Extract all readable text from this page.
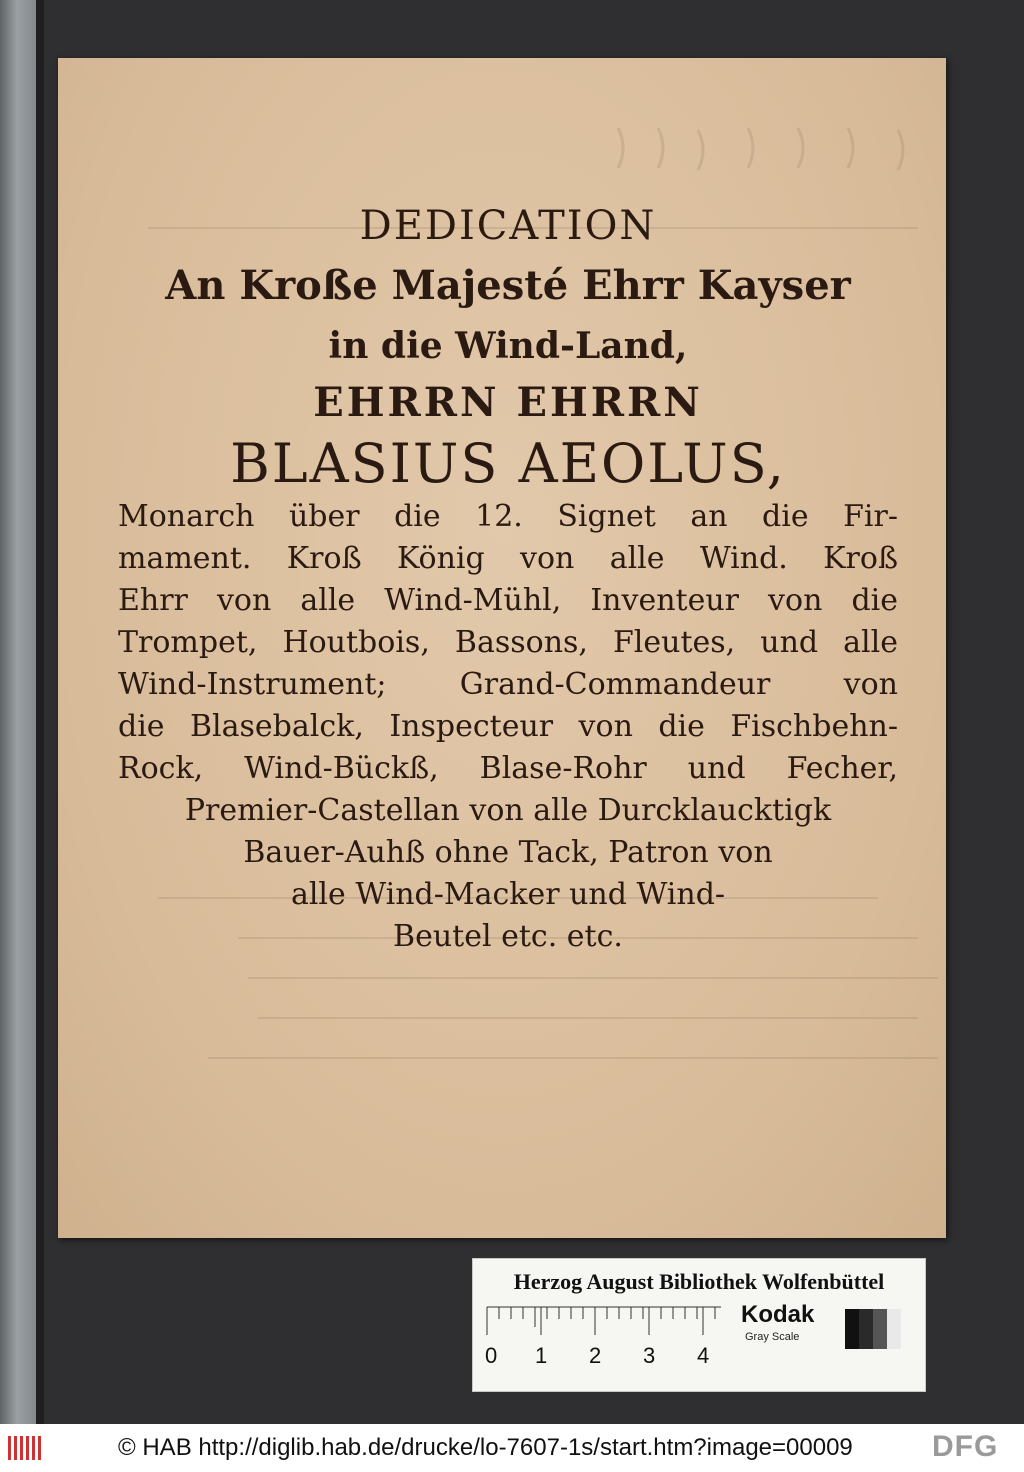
DEDICATION

An Kroße Majesté Ehrr Kayser

in die Wind-Land,

EHRRN EHRRN

BLASIUS AEOLUS,

Monarch über die 12. Signet an die Fir-

mament. Kroß König von alle Wind. Kroß

Ehrr von alle Wind-Mühl, Inventeur von die

Trompet, Houtbois, Bassons, Fleutes, und alle

Wind-Instrument; Grand-Commandeur von

die Blasebalck, Inspecteur von die Fischbehn-

Rock, Wind-Bückß, Blase-Rohr und Fecher,

Premier-Castellan von alle Durcklaucktigk

Bauer-Auhß ohne Tack, Patron von

alle Wind-Macker und Wind-

Beutel etc. etc.

Herzog August Bibliothek Wolfenbüttel
0 1 2 3 4
Kodak
Gray Scale
© HAB http://diglib.hab.de/drucke/lo-7607-1s/start.htm?image=00009	DFG
